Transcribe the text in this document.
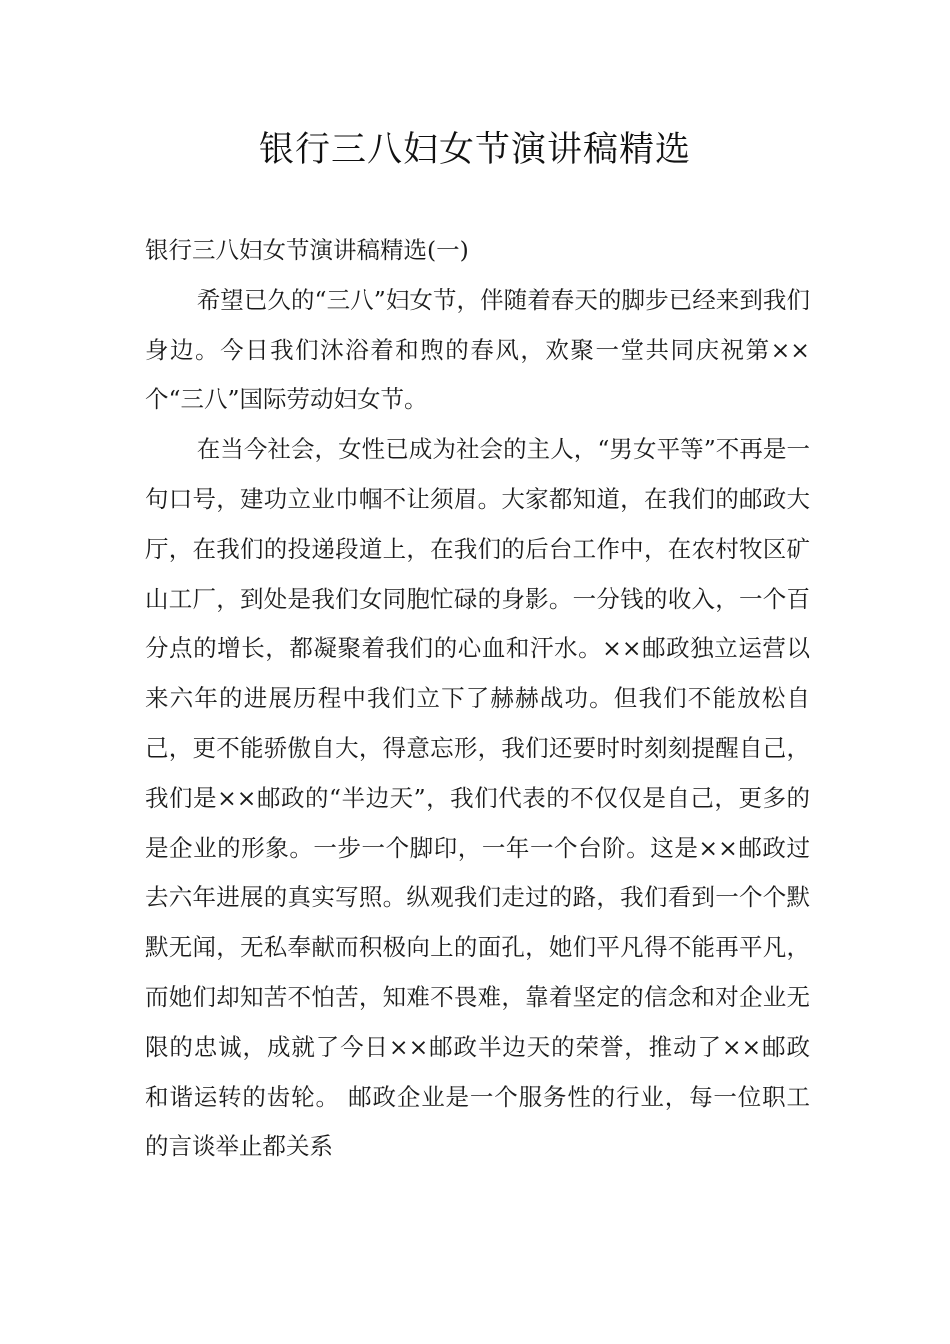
银行三八妇女节演讲稿精选

银行三八妇女节演讲稿精选(一)

希望已久的“三八”妇女节，伴随着春天的脚步已经来到我们身边。今日我们沐浴着和煦的春风，欢聚一堂共同庆祝第××个“三八”国际劳动妇女节。

在当今社会，女性已成为社会的主人，“男女平等”不再是一句口号，建功立业巾帼不让须眉。大家都知道，在我们的邮政大厅，在我们的投递段道上，在我们的后台工作中，在农村牧区矿山工厂，到处是我们女同胞忙碌的身影。一分钱的收入，一个百分点的增长，都凝聚着我们的心血和汗水。××邮政独立运营以来六年的进展历程中我们立下了赫赫战功。但我们不能放松自己，更不能骄傲自大，得意忘形，我们还要时时刻刻提醒自己，我们是××邮政的“半边天”，我们代表的不仅仅是自己，更多的是企业的形象。一步一个脚印，一年一个台阶。这是××邮政过去六年进展的真实写照。纵观我们走过的路，我们看到一个个默默无闻，无私奉献而积极向上的面孔，她们平凡得不能再平凡，而她们却知苦不怕苦，知难不畏难，靠着坚定的信念和对企业无限的忠诚，成就了今日××邮政半边天的荣誉，推动了××邮政和谐运转的齿轮。 邮政企业是一个服务性的行业，每一位职工的言谈举止都关系
